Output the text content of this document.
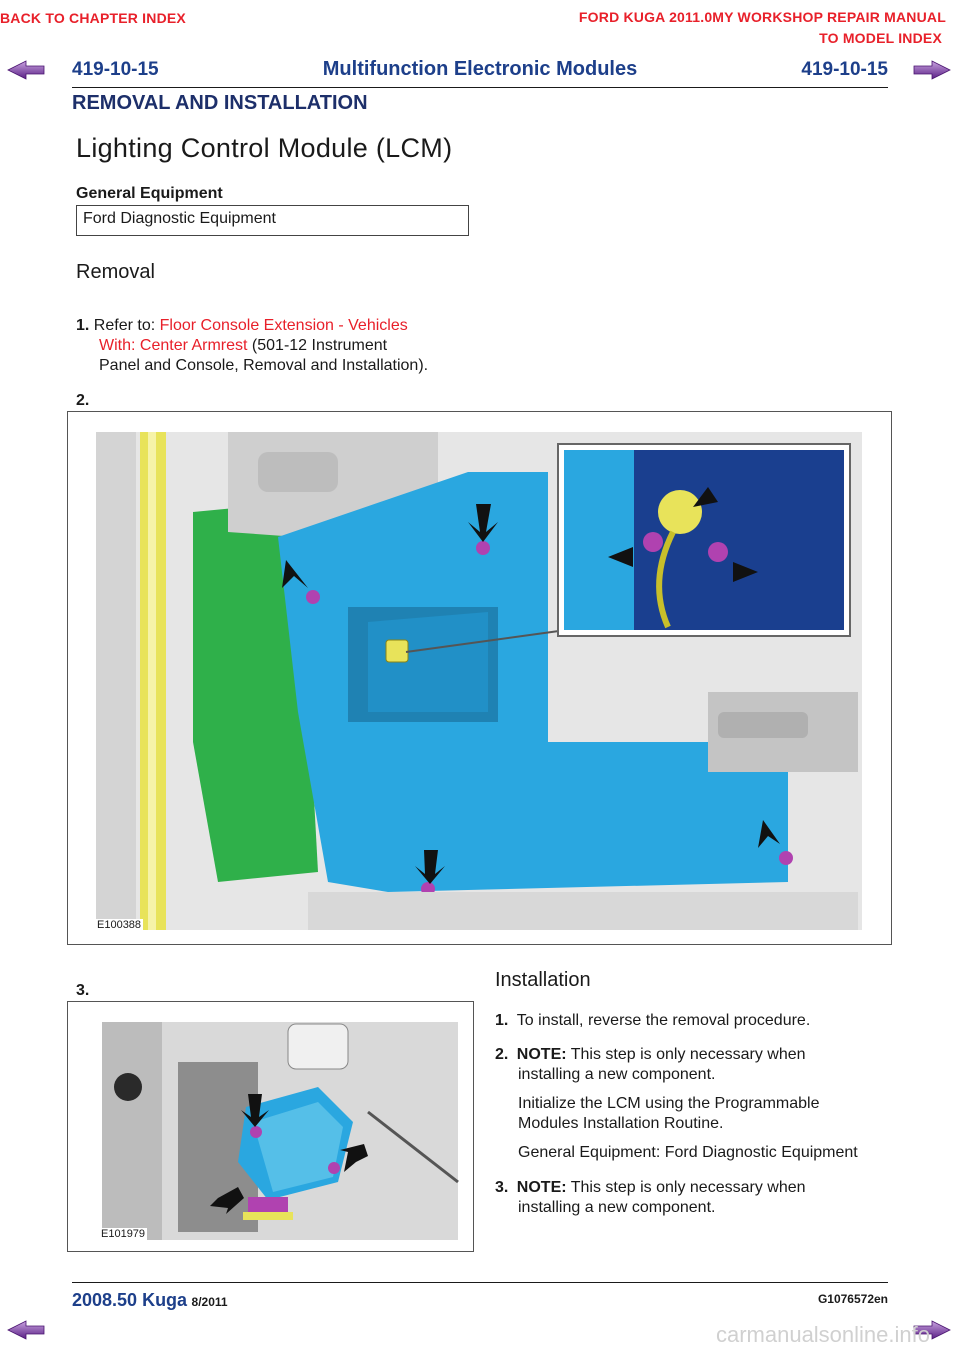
BACK TO CHAPTER INDEX	FORD KUGA 2011.0MY WORKSHOP REPAIR MANUAL
TO MODEL INDEX
419-10-15	Multifunction Electronic Modules	419-10-15
REMOVAL AND INSTALLATION
Lighting Control Module (LCM)
General Equipment
Ford Diagnostic Equipment
Removal
1. Refer to: Floor Console Extension - Vehicles
With: Center Armrest (501-12 Instrument
Panel and Console, Removal and Installation).
2.
E100388
3.
E101979
Installation
1. To install, reverse the removal procedure.
2. NOTE: This step is only necessary when
installing a new component.
Initialize the LCM using the Programmable
Modules Installation Routine.
General Equipment: Ford Diagnostic Equipment
3. NOTE: This step is only necessary when
installing a new component.
2008.50 Kuga 8/2011	G1076572en
carmanualsonline.info
